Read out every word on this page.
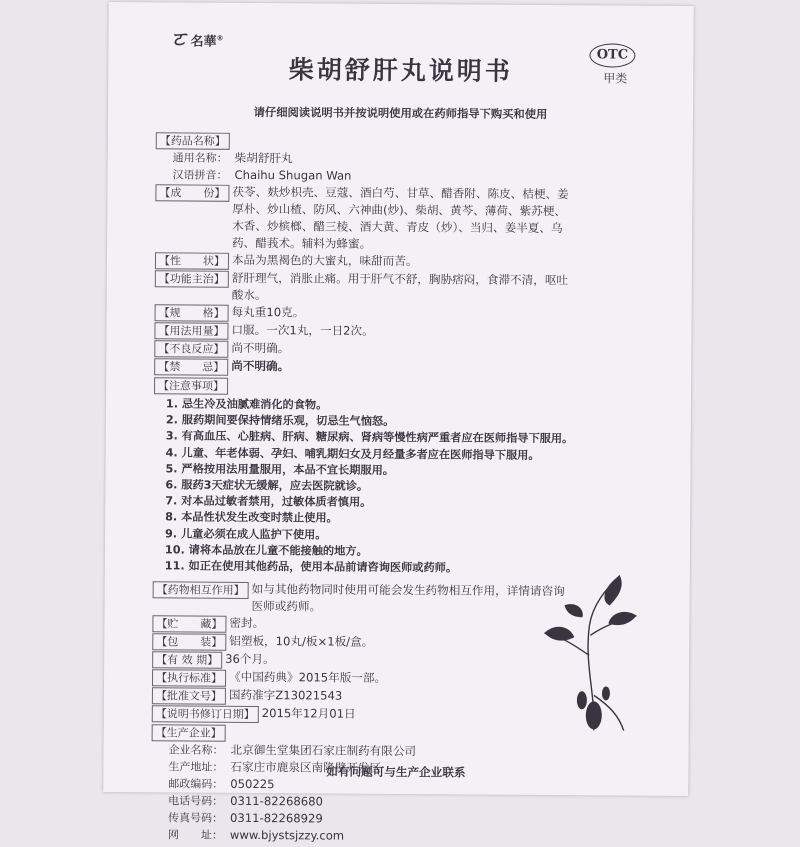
ㄛ名華®
OTC
甲类
柴胡舒肝丸说明书
请仔细阅读说明书并按说明使用或在药师指导下购买和使用
【药品名称】
通用名称： 柴胡舒肝丸
汉语拼音： Chaihu Shugan Wan
【成　　份】 茯苓、麸炒枳壳、豆蔻、酒白芍、甘草、醋香附、陈皮、桔梗、姜
厚朴、炒山楂、防风、六神曲(炒)、柴胡、黄芩、薄荷、紫苏梗、
木香、炒槟榔、醋三棱、酒大黄、青皮（炒）、当归、姜半夏、乌
药、醋莪术。辅料为蜂蜜。
【性　　状】 本品为黑褐色的大蜜丸，味甜而苦。
【功能主治】 舒肝理气，消胀止痛。用于肝气不舒，胸胁痞闷，食滞不清，呕吐
酸水。
【规　　格】 每丸重10克。
【用法用量】 口服。一次1丸，一日2次。
【不良反应】 尚不明确。
【禁　　忌】 尚不明确。
【注意事项】
1. 忌生冷及油腻难消化的食物。
2. 服药期间要保持情绪乐观，切忌生气恼怒。
3. 有高血压、心脏病、肝病、糖尿病、肾病等慢性病严重者应在医师指导下服用。
4. 儿童、年老体弱、孕妇、哺乳期妇女及月经量多者应在医师指导下服用。
5. 严格按用法用量服用，本品不宜长期服用。
6. 服药3天症状无缓解，应去医院就诊。
7. 对本品过敏者禁用，过敏体质者慎用。
8. 本品性状发生改变时禁止使用。
9. 儿童必须在成人监护下使用。
10. 请将本品放在儿童不能接触的地方。
11. 如正在使用其他药品，使用本品前请咨询医师或药师。
【药物相互作用】 如与其他药物同时使用可能会发生药物相互作用，详情请咨询
医师或药师。
【贮　　藏】 密封。
【包　　装】 铝塑板，10丸/板×1板/盒。
【有 效 期】 36个月。
【执行标准】 《中国药典》2015年版一部。
【批准文号】 国药准字Z13021543
【说明书修订日期】 2015年12月01日
【生产企业】
企业名称： 北京御生堂集团石家庄制药有限公司
生产地址： 石家庄市鹿泉区南降壁开发区
邮政编码： 050225
电话号码： 0311-82268680
传真号码： 0311-82268929
网　　址： www.bjystsjzzy.com
如有问题可与生产企业联系
